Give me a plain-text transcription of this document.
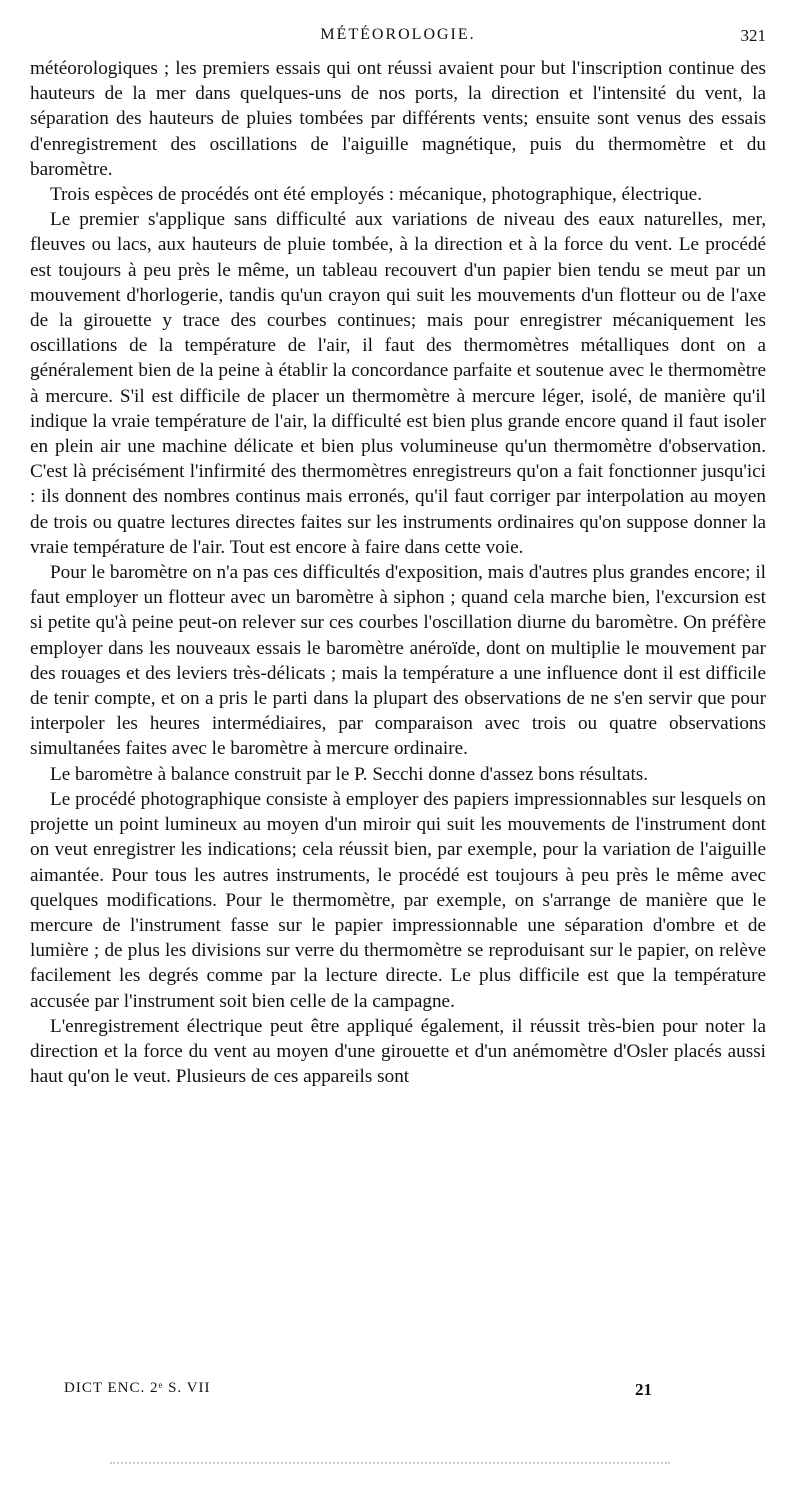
MÉTÉOROLOGIE.	321

météorologiques ; les premiers essais qui ont réussi avaient pour but l'inscription continue des hauteurs de la mer dans quelques-uns de nos ports, la direction et l'intensité du vent, la séparation des hauteurs de pluies tombées par différents vents; ensuite sont venus des essais d'enregistrement des oscillations de l'aiguille magnétique, puis du thermomètre et du baromètre.

Trois espèces de procédés ont été employés : mécanique, photographique, électrique.

Le premier s'applique sans difficulté aux variations de niveau des eaux naturelles, mer, fleuves ou lacs, aux hauteurs de pluie tombée, à la direction et à la force du vent. Le procédé est toujours à peu près le même, un tableau recouvert d'un papier bien tendu se meut par un mouvement d'horlogerie, tandis qu'un crayon qui suit les mouvements d'un flotteur ou de l'axe de la girouette y trace des courbes continues; mais pour enregistrer mécaniquement les oscillations de la température de l'air, il faut des thermomètres métalliques dont on a généralement bien de la peine à établir la concordance parfaite et soutenue avec le thermomètre à mercure. S'il est difficile de placer un thermomètre à mercure léger, isolé, de manière qu'il indique la vraie température de l'air, la difficulté est bien plus grande encore quand il faut isoler en plein air une machine délicate et bien plus volumineuse qu'un thermomètre d'observation. C'est là précisément l'infirmité des thermomètres enregistreurs qu'on a fait fonctionner jusqu'ici : ils donnent des nombres continus mais erronés, qu'il faut corriger par interpolation au moyen de trois ou quatre lectures directes faites sur les instruments ordinaires qu'on suppose donner la vraie température de l'air. Tout est encore à faire dans cette voie.

Pour le baromètre on n'a pas ces difficultés d'exposition, mais d'autres plus grandes encore; il faut employer un flotteur avec un baromètre à siphon ; quand cela marche bien, l'excursion est si petite qu'à peine peut-on relever sur ces courbes l'oscillation diurne du baromètre. On préfère employer dans les nouveaux essais le baromètre anéroïde, dont on multiplie le mouvement par des rouages et des leviers très-délicats ; mais la température a une influence dont il est difficile de tenir compte, et on a pris le parti dans la plupart des observations de ne s'en servir que pour interpoler les heures intermédiaires, par comparaison avec trois ou quatre observations simultanées faites avec le baromètre à mercure ordinaire.

Le baromètre à balance construit par le P. Secchi donne d'assez bons résultats.

Le procédé photographique consiste à employer des papiers impressionnables sur lesquels on projette un point lumineux au moyen d'un miroir qui suit les mouvements de l'instrument dont on veut enregistrer les indications; cela réussit bien, par exemple, pour la variation de l'aiguille aimantée. Pour tous les autres instruments, le procédé est toujours à peu près le même avec quelques modifications. Pour le thermomètre, par exemple, on s'arrange de manière que le mercure de l'instrument fasse sur le papier impressionnable une séparation d'ombre et de lumière ; de plus les divisions sur verre du thermomètre se reproduisant sur le papier, on relève facilement les degrés comme par la lecture directe. Le plus difficile est que la température accusée par l'instrument soit bien celle de la campagne.

L'enregistrement électrique peut être appliqué également, il réussit très-bien pour noter la direction et la force du vent au moyen d'une girouette et d'un anémomètre d'Osler placés aussi haut qu'on le veut. Plusieurs de ces appareils sont

DICT ENC. 2ᵉ S. VII	21
